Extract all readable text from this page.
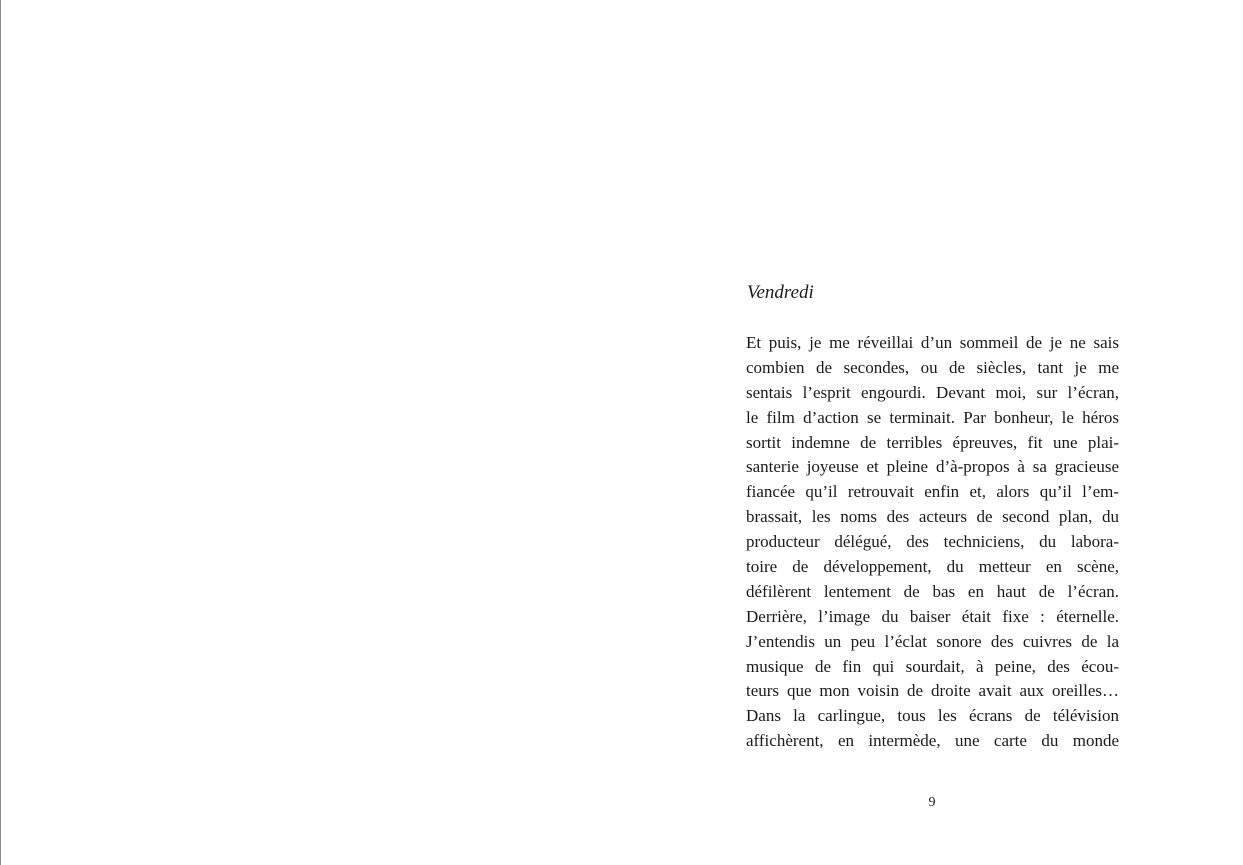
Vendredi
Et puis, je me réveillai d’un sommeil de je ne sais
combien de secondes, ou de siècles, tant je me
sentais l’esprit engourdi. Devant moi, sur l’écran,
le film d’action se terminait. Par bonheur, le héros
sortit indemne de terribles épreuves, fit une plai-
santerie joyeuse et pleine d’à-propos à sa gracieuse
fiancée qu’il retrouvait enfin et, alors qu’il l’em-
brassait, les noms des acteurs de second plan, du
producteur délégué, des techniciens, du labora-
toire de développement, du metteur en scène,
défilèrent lentement de bas en haut de l’écran.
Derrière, l’image du baiser était fixe : éternelle.
J’entendis un peu l’éclat sonore des cuivres de la
musique de fin qui sourdait, à peine, des écou-
teurs que mon voisin de droite avait aux oreilles…
Dans la carlingue, tous les écrans de télévision
affichèrent, en intermède, une carte du monde
9
